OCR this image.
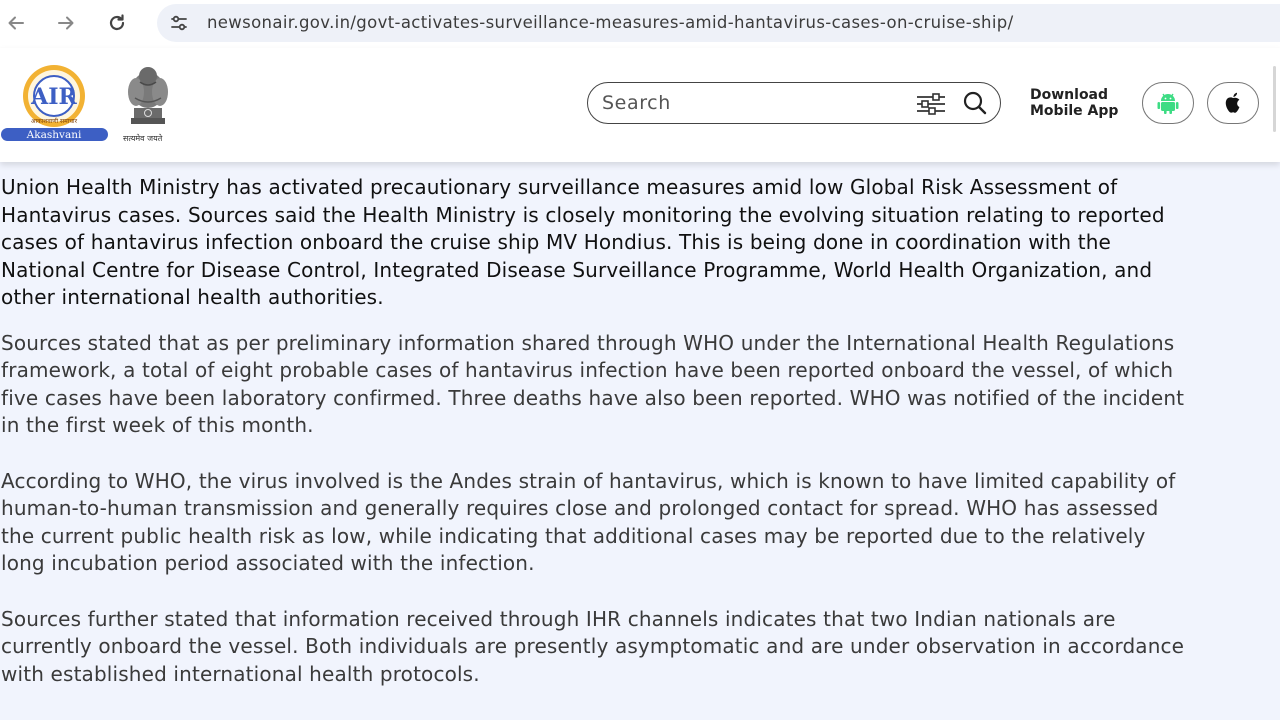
newsonair.gov.in/govt-activates-surveillance-measures-amid-hantavirus-cases-on-cruise-ship/
AIR
आकाशवाणी समाचार
Akashvani	सत्यमेव जयते
Search
Download
Mobile App

Union Health Ministry has activated precautionary surveillance measures amid low Global Risk Assessment of Hantavirus cases. Sources said the Health Ministry is closely monitoring the evolving situation relating to reported cases of hantavirus infection onboard the cruise ship MV Hondius. This is being done in coordination with the National Centre for Disease Control, Integrated Disease Surveillance Programme, World Health Organization, and other international health authorities.

Sources stated that as per preliminary information shared through WHO under the International Health Regulations framework, a total of eight probable cases of hantavirus infection have been reported onboard the vessel, of which five cases have been laboratory confirmed. Three deaths have also been reported. WHO was notified of the incident in the first week of this month.

According to WHO, the virus involved is the Andes strain of hantavirus, which is known to have limited capability of human-to-human transmission and generally requires close and prolonged contact for spread. WHO has assessed the current public health risk as low, while indicating that additional cases may be reported due to the relatively long incubation period associated with the infection.

Sources further stated that information received through IHR channels indicates that two Indian nationals are currently onboard the vessel. Both individuals are presently asymptomatic and are under observation in accordance with established international health protocols.
